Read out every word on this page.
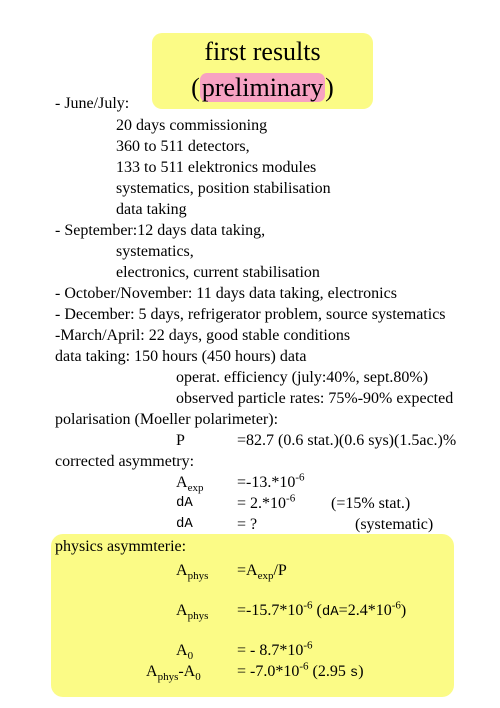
first results
(preliminary)
- June/July:
20 days commissioning
360 to 511 detectors,
133 to 511 elektronics modules
systematics, position stabilisation
data taking
- September:12 days data taking,
systematics,
electronics, current stabilisation
- October/November: 11 days data taking, electronics
- December: 5 days, refrigerator problem, source systematics
-March/April: 22 days, good stable conditions
data taking: 150 hours (450 hours) data
operat. efficiency (july:40%, sept.80%)
observed particle rates: 75%-90% expected
polarisation (Moeller polarimeter):
P	=82.7 (0.6 stat.)(0.6 sys)(1.5ac.)%
corrected asymmetry:
$A_{exp} =-13.*10^{-6}$
dA	= $2.*10^{-6}$ (=15% stat.)
dA	= ?	(systematic)
physics asymmterie:
$A_{phys} =A_{exp}/P$
$A_{phys} =-15.7*10^{-6}$ $(dA=2.4*10^{-6})$
$A_0$	= - $8.7*10^{-6}$
$A_{phys}-A_0 = -7.0*10^{-6}$ (2.95 s)
